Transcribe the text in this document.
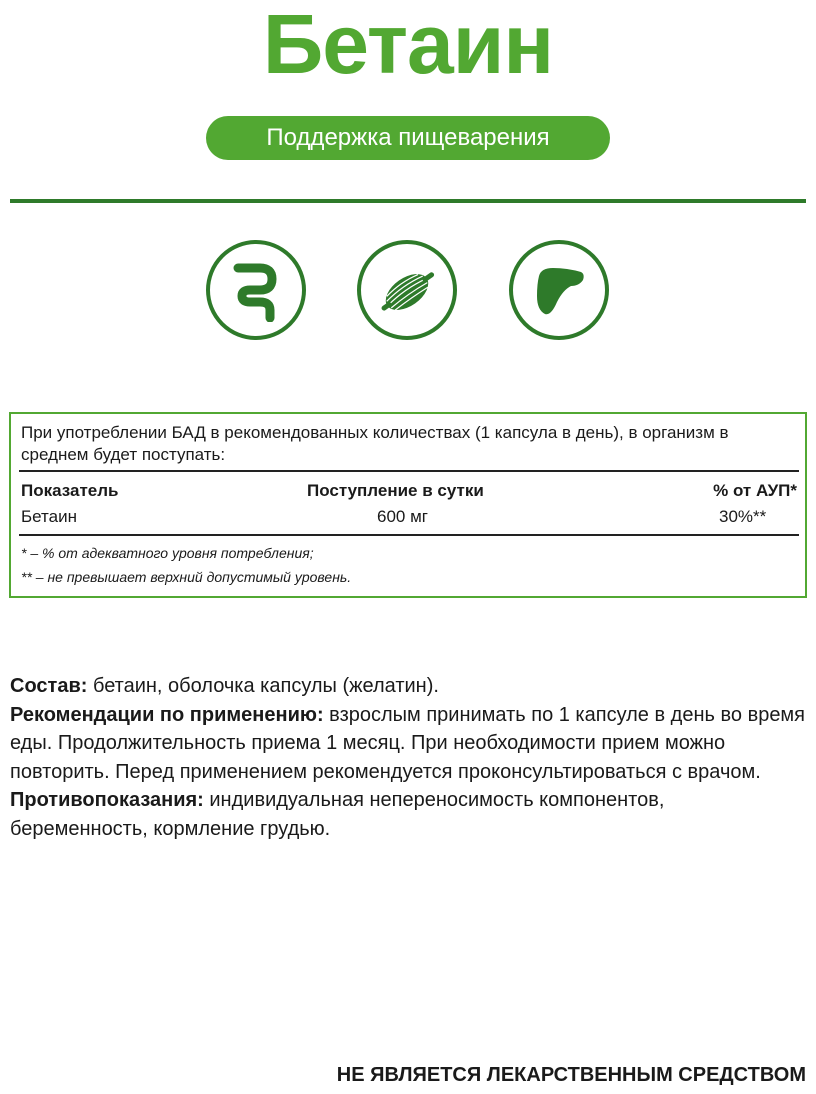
Бетаин
Поддержка пищеварения
При употреблении БАД в рекомендованных количествах (1 капсула в день), в организм в среднем будет поступать:
Показатель	Поступление в сутки	% от АУП*
Бетаин	600 мг	30%**
* – % от адекватного уровня потребления;
** – не превышает верхний допустимый уровень.

Состав: бетаин, оболочка капсулы (желатин).

Рекомендации по применению: взрослым принимать по 1 капсуле в день во время еды. Продолжительность приема 1 месяц. При необходимости прием можно повторить. Перед применением рекомендуется проконсультироваться с врачом.

Противопоказания: индивидуальная непереносимость компонентов, беременность, кормление грудью.

НЕ ЯВЛЯЕТСЯ ЛЕКАРСТВЕННЫМ СРЕДСТВОМ
